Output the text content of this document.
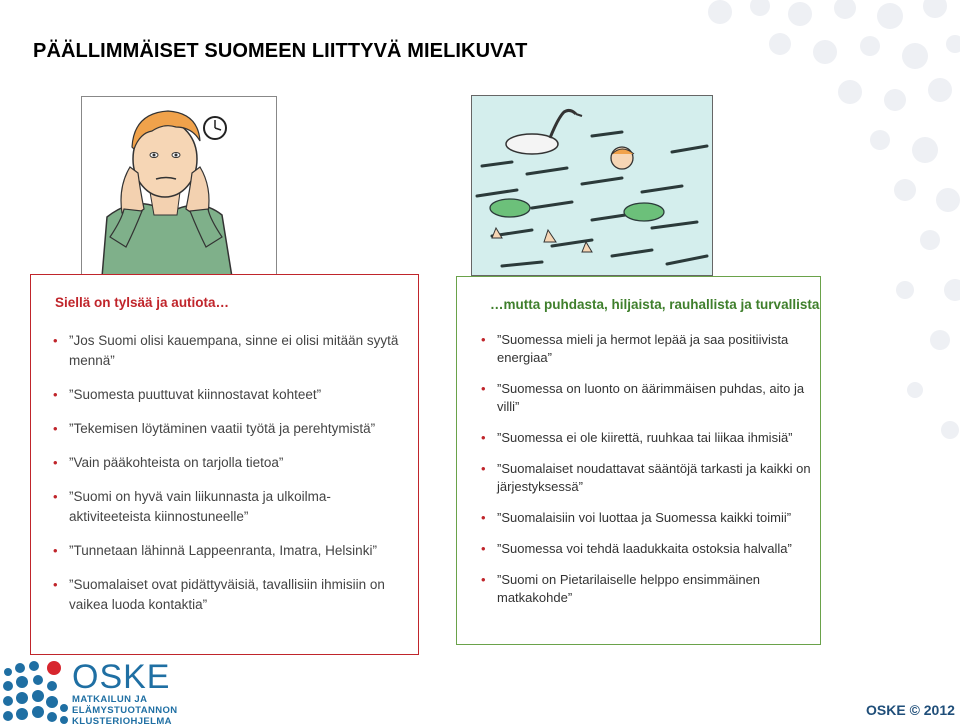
PÄÄLLIMMÄISET SUOMEEN LIITTYVÄ MIELIKUVAT
Siellä on tylsää ja autiota…
• ”Jos Suomi olisi kauempana, sinne ei olisi mitään syytä mennä”
• ”Suomesta puuttuvat kiinnostavat kohteet”
• ”Tekemisen löytäminen vaatii työtä ja perehtymistä”
• ”Vain pääkohteista on tarjolla tietoa”
• ”Suomi on hyvä vain liikunnasta ja ulkoilma-aktiviteeteista kiinnostuneelle”
• ”Tunnetaan lähinnä Lappeenranta, Imatra, Helsinki”
• ”Suomalaiset ovat pidättyväisiä, tavallisiin ihmisiin on vaikea luoda kontaktia”
…mutta puhdasta, hiljaista, rauhallista ja turvallista
• ”Suomessa mieli ja hermot lepää ja saa positiivista energiaa”
• ”Suomessa on luonto on äärimmäisen puhdas, aito ja villi”
• ”Suomessa ei ole kiirettä, ruuhkaa tai liikaa ihmisiä”
• ”Suomalaiset noudattavat sääntöjä tarkasti ja kaikki on järjestyksessä”
• ”Suomalaisiin voi luottaa ja Suomessa kaikki toimii”
• ”Suomessa voi tehdä laadukkaita ostoksia halvalla”
• ”Suomi on Pietarilaiselle helppo ensimmäinen matkakohde”
OSKE
MATKAILUN JA
ELÄMYSTUOTANNON
KLUSTERIOHJELMA
OSKE © 2012
